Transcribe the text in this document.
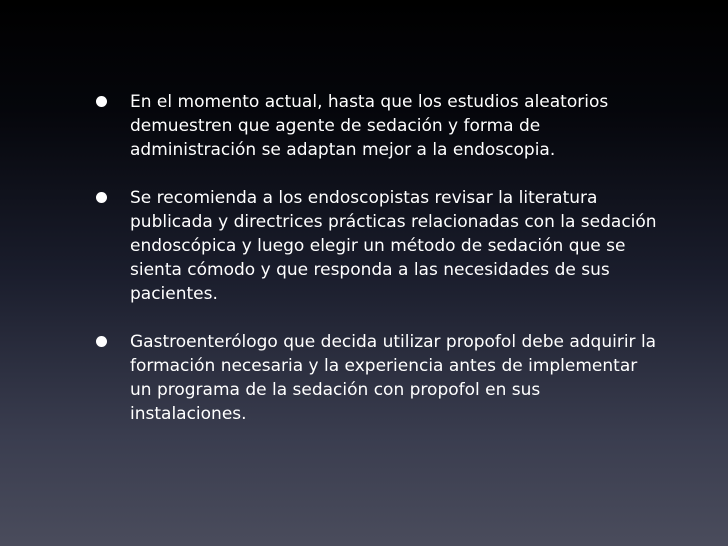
En el momento actual, hasta que los estudios aleatorios demuestren que agente de sedación y forma de administración se adaptan mejor a la endoscopia.
Se recomienda a los endoscopistas revisar la literatura publicada y directrices prácticas relacionadas con la sedación endoscópica y luego elegir un método de sedación que se sienta cómodo y que responda a las necesidades de sus pacientes.
Gastroenterólogo que decida utilizar propofol debe adquirir la formación necesaria y la experiencia antes de implementar un programa de la sedación con propofol en sus instalaciones.
